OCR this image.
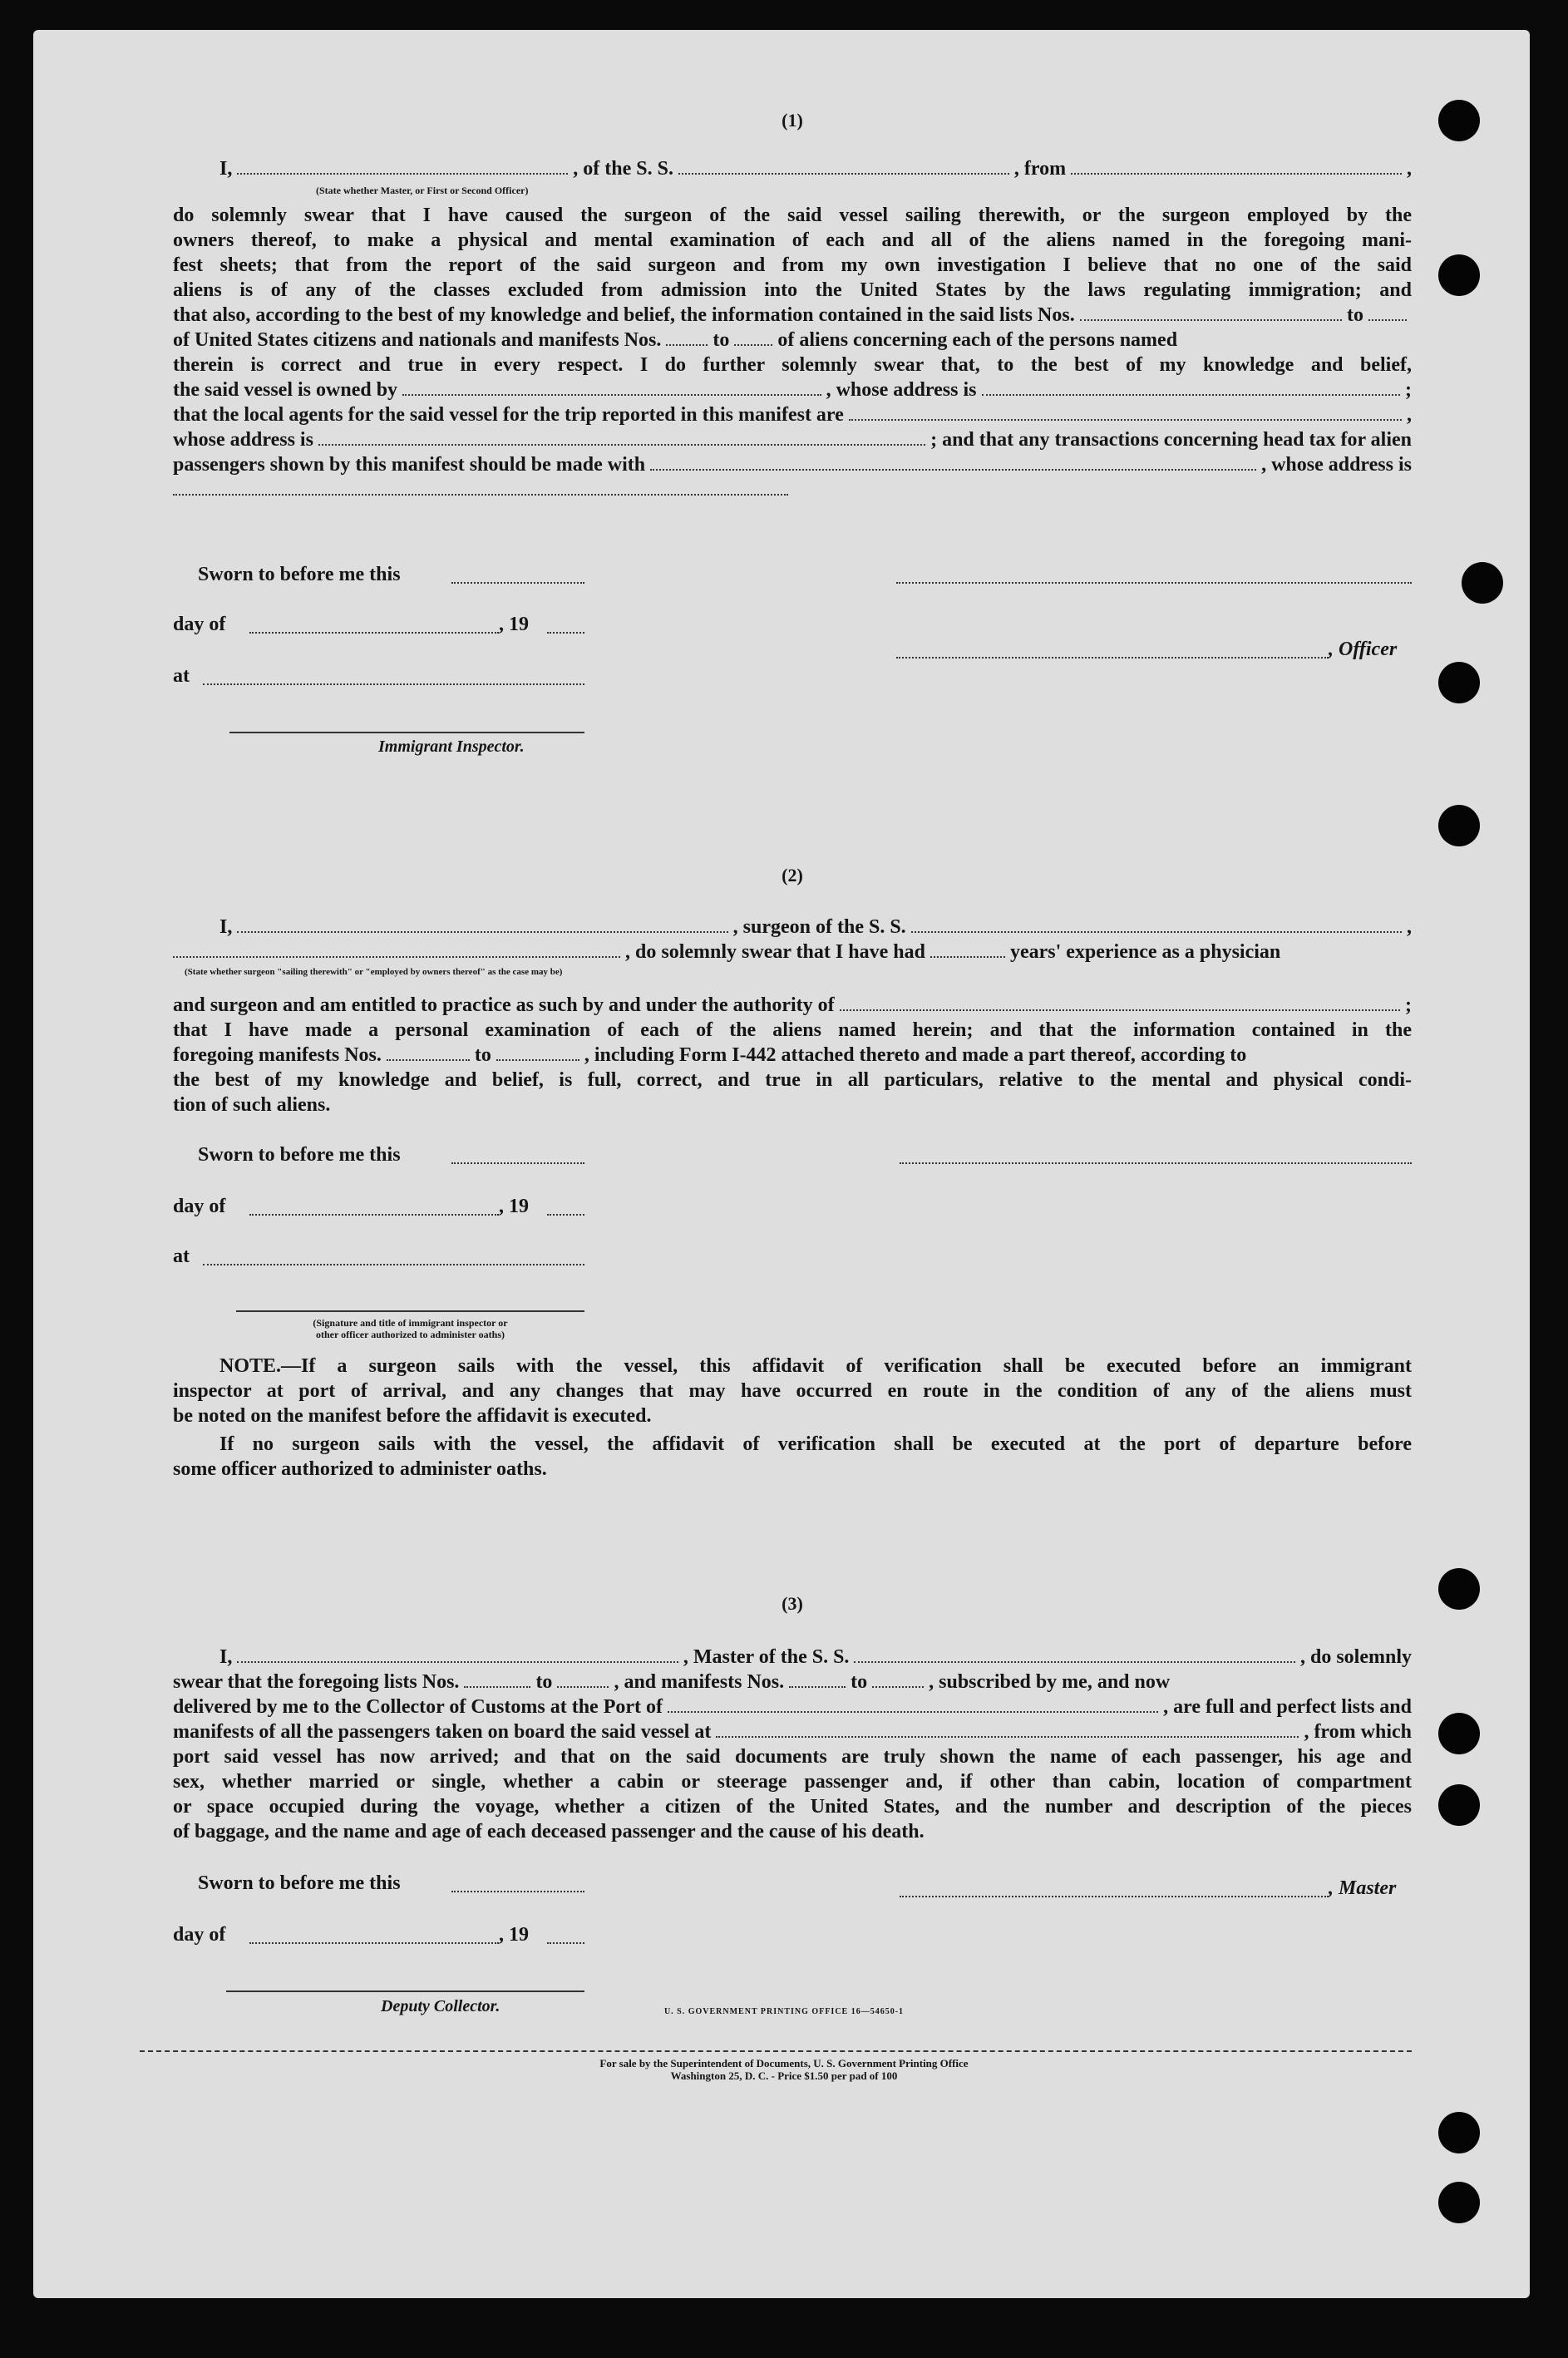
(1)
I,	, of the S. S.	, from	,
(State whether Master, or First or Second Officer)
do solemnly swear that I have caused the surgeon of the said vessel sailing therewith, or the surgeon employed by the
owners thereof, to make a physical and mental examination of each and all of the aliens named in the foregoing mani-
fest sheets; that from the report of the said surgeon and from my own investigation I believe that no one of the said
aliens is of any of the classes excluded from admission into the United States by the laws regulating immigration; and
that also, according to the best of my knowledge and belief, the information contained in the said lists Nos.	to
of United States citizens and nationals and manifests Nos.	to of aliens concerning each of the persons named
therein is correct and true in every respect. I do further solemnly swear that, to the best of my knowledge and belief,
the said vessel is owned by	, whose address is	;
that the local agents for the said vessel for the trip reported in this manifest are	,
whose address is	; and that any transactions concerning head tax for alien
passengers shown by this manifest should be made with	, whose address is
Sworn to before me this
day of	, 19
, Officer
at
Immigrant Inspector.
(2)
I,	, surgeon of the S. S.	,
, do solemnly swear that I have had	years' experience as a physician
(State whether surgeon "sailing therewith" or "employed by owners thereof" as the case may be)
and surgeon and am entitled to practice as such by and under the authority of	;
that I have made a personal examination of each of the aliens named herein; and that the information contained in the
foregoing manifests Nos.	to	, including Form I-442 attached thereto and made a part thereof, according to
the best of my knowledge and belief, is full, correct, and true in all particulars, relative to the mental and physical condi-
tion of such aliens.
Sworn to before me this
day of	, 19
at
(Signature and title of immigrant inspector or
other officer authorized to administer oaths)
NOTE.—If a surgeon sails with the vessel, this affidavit of verification shall be executed before an immigrant
inspector at port of arrival, and any changes that may have occurred en route in the condition of any of the aliens must
be noted on the manifest before the affidavit is executed.
If no surgeon sails with the vessel, the affidavit of verification shall be executed at the port of departure before
some officer authorized to administer oaths.
(3)
I,	, Master of the S. S.	, do solemnly
swear that the foregoing lists Nos.	to	, and manifests Nos.	to	, subscribed by me, and now
delivered by me to the Collector of Customs at the Port of	, are full and perfect lists and
manifests of all the passengers taken on board the said vessel at	, from which
port said vessel has now arrived; and that on the said documents are truly shown the name of each passenger, his age and
sex, whether married or single, whether a cabin or steerage passenger and, if other than cabin, location of compartment
or space occupied during the voyage, whether a citizen of the United States, and the number and description of the pieces
of baggage, and the name and age of each deceased passenger and the cause of his death.
Sworn to before me this	, Master
day of	, 19
Deputy Collector.	U. S. GOVERNMENT PRINTING OFFICE 16—54650-1
For sale by the Superintendent of Documents, U. S. Government Printing Office
Washington 25, D. C. - Price $1.50 per pad of 100
